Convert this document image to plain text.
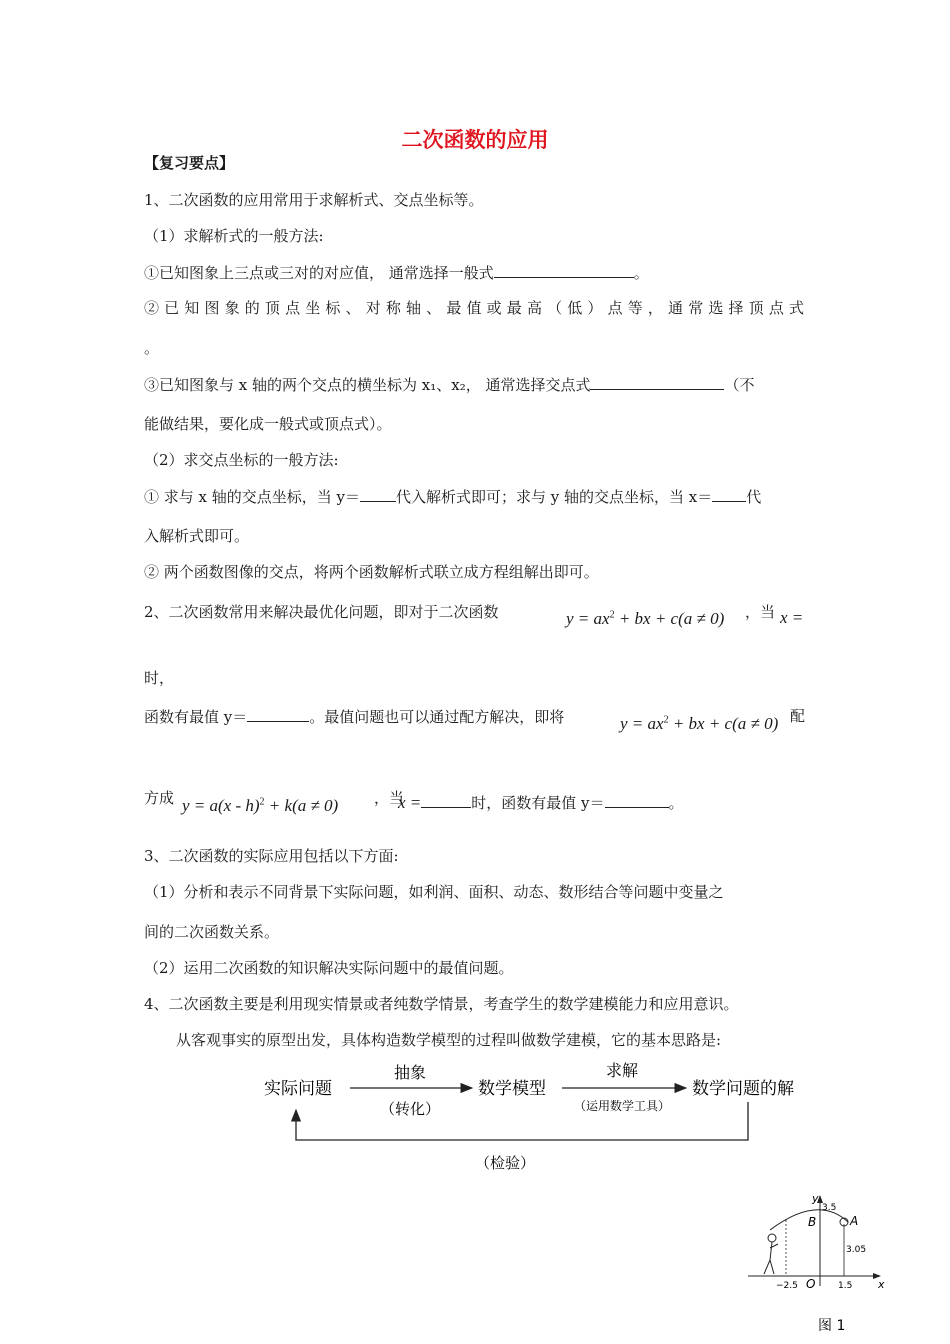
二次函数的应用
【复习要点】
1、二次函数的应用常用于求解析式、交点坐标等。
（1）求解析式的一般方法:
①已知图象上三点或三对的对应值， 通常选择一般式	。
② 已 知 图 象 的 顶 点 坐 标 、 对 称 轴 、 最 值 或 最 高 （ 低 ） 点 等 ， 通 常 选 择 顶 点 式
。
③已知图象与 x 轴的两个交点的横坐标为 x₁、x₂， 通常选择交点式	（不
能做结果，要化成一般式或顶点式）。
（2）求交点坐标的一般方法:
① 求与 x 轴的交点坐标，当 y＝ 代入解析式即可；求与 y 轴的交点坐标，当 x＝ 代
入解析式即可。
② 两个函数图像的交点，将两个函数解析式联立成方程组解出即可。
2、二次函数常用来解决最优化问题，即对于二次函数	$y = ax^2$ + bx + c(a ≠ 0) ，当 x =
时，
函数有最值 y＝	。最值问题也可以通过配方解决，即将	$y = ax^2$ + bx + c(a ≠ 0) 配
方成 y = a(x - h)$^2$ + k(a ≠ 0) ，当
x =	时，函数有最值 y＝	。
3、二次函数的实际应用包括以下方面:
（1）分析和表示不同背景下实际问题，如利润、面积、动态、数形结合等问题中变量之
间的二次函数关系。
（2）运用二次函数的知识解决实际问题中的最值问题。
4、二次函数主要是利用现实情景或者纯数学情景，考查学生的数学建模能力和应用意识。
从客观事实的原型出发，具体构造数学模型的过程叫做数学建模，它的基本思路是:
实际问题
抽象
（转化）
数学模型
求解
（运用数学工具）
数学问题的解
（检验）
y
x
3.5
B	A
3.05
−2.5 O	1.5
图 1
